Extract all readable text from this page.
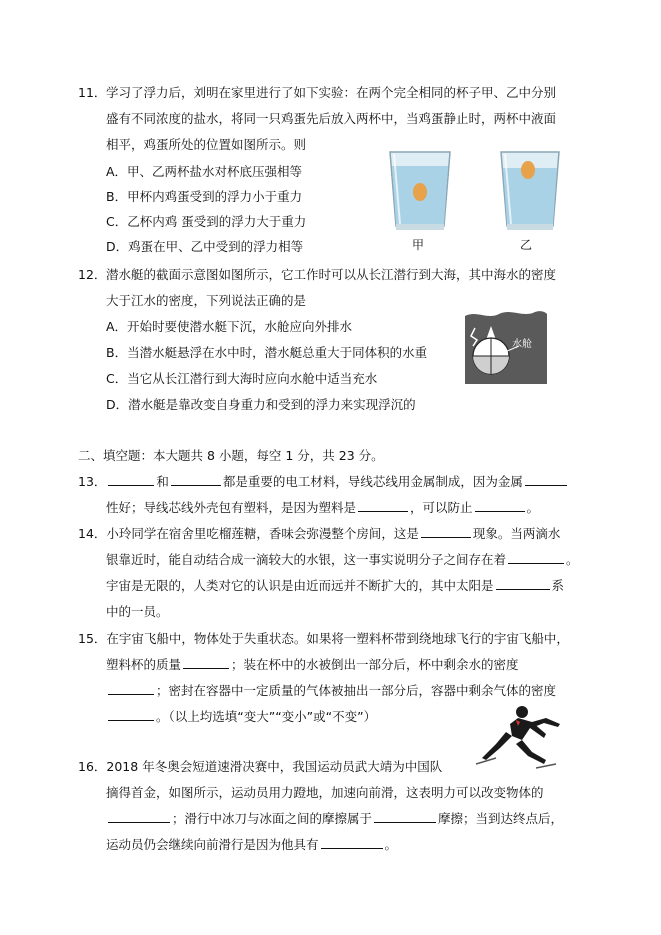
11． 学习了浮力后，刘明在家里进行了如下实验：在两个完全相同的杯子甲、乙中分别
盛有不同浓度的盐水，将同一只鸡蛋先后放入两杯中，当鸡蛋静止时，两杯中液面
相平，鸡蛋所处的位置如图所示。则
A．甲、乙两杯盐水对杯底压强相等
B．甲杯内鸡蛋受到的浮力小于重力
C．乙杯内鸡 蛋受到的浮力大于重力
D．鸡蛋在甲、乙中受到的浮力相等	甲	乙
12． 潜水艇的截面示意图如图所示，它工作时可以从长江潜行到大海，其中海水的密度
大于江水的密度，下列说法正确的是
A．开始时要使潜水艇下沉，水舱应向外排水
B．当潜水艇悬浮在水中时，潜水艇总重大于同体积的水重
C．当它从长江潜行到大海时应向水舱中适当充水
D．潜水艇是靠改变自身重力和受到的浮力来实现浮沉的
水舱
二、填空题：本大题共 8 小题，每空 1 分，共 23 分。
13．	和	都是重要的电工材料，导线芯线用金属制成，因为金属
性好；导线芯线外壳包有塑料，是因为塑料是	，可以防止	。
14．小玲同学在宿舍里吃榴莲糖，香味会弥漫整个房间，这是	现象。当两滴水
银靠近时，能自动结合成一滴较大的水银，这一事实说明分子之间存在着	。
宇宙是无限的，人类对它的认识是由近而远并不断扩大的，其中太阳是	系
中的一员。
15．在宇宙飞船中，物体处于失重状态。如果将一塑料杯带到绕地球飞行的宇宙飞船中，
塑料杯的质量	；装在杯中的水被倒出一部分后，杯中剩余水的密度
；密封在容器中一定质量的气体被抽出一部分后，容器中剩余气体的密度
。（以上均选填“变大”“变小”或“不变”）
16．2018 年冬奥会短道速滑决赛中，我国运动员武大靖为中国队
摘得首金，如图所示，运动员用力蹬地，加速向前滑，这表明力可以改变物体的
；滑行中冰刀与冰面之间的摩擦属于	摩擦；当到达终点后，
运动员仍会继续向前滑行是因为他具有	。
